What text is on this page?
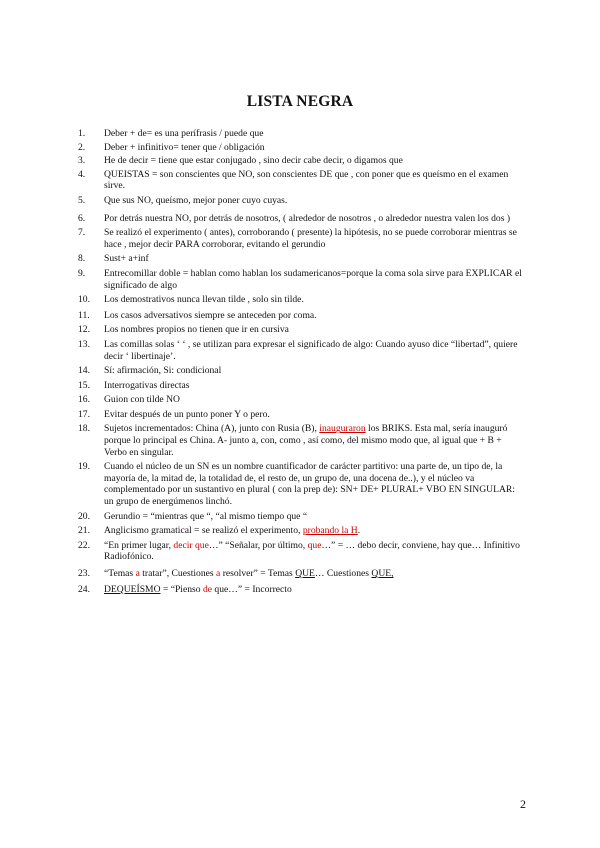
LISTA NEGRA
1.	Deber + de= es una perífrasis / puede que
2.	Deber + infinitivo= tener que / obligación
3.	He de decir = tiene que estar conjugado , sino decir cabe decir, o digamos que
4.	QUEISTAS = son conscientes que NO, son conscientes DE que , con poner que es queísmo en el examen sirve.
5.	Que sus NO, queísmo, mejor poner cuyo cuyas.
6.	Por detrás nuestra NO, por detrás de nosotros, ( alrededor de nosotros , o alrededor nuestra valen los dos )
7.	Se realizó el experimento ( antes), corroborando ( presente) la hipótesis, no se puede corroborar mientras se hace , mejor decir PARA corroborar, evitando el gerundio
8.	Sust+ a+inf
9.	Entrecomillar doble = hablan como hablan los sudamericanos=porque la coma sola sirve para EXPLICAR el significado de algo
10.	Los demostrativos nunca llevan tilde , solo sin tilde.
11.	Los casos adversativos siempre se anteceden por coma.
12.	Los nombres propios no tienen que ir en cursiva
13.	Las comillas solas ‘ ‘ , se utilizan para expresar el significado de algo: Cuando ayuso dice “libertad”, quiere decir ‘ libertinaje’.
14.	Sí: afirmación, Si: condicional
15.	Interrogativas directas
16.	Guion con tilde NO
17.	Evitar después de un punto poner Y o pero.
18.	Sujetos incrementados: China (A), junto con Rusia (B), inauguraron los BRIKS. Esta mal, sería inauguró porque lo principal es China. A- junto a, con, como , así como, del mismo modo que, al igual que + B + Verbo en singular.
19.	Cuando el núcleo de un SN es un nombre cuantificador de carácter partitivo: una parte de, un tipo de, la mayoría de, la mitad de, la totalidad de, el resto de, un grupo de, una docena de..), y el núcleo va complementado por un sustantivo en plural ( con la prep de): SN+ DE+ PLURAL+ VBO EN SINGULAR: un grupo de energúmenos linchó.
20.	Gerundio = “mientras que “, “al mismo tiempo que “
21.	Anglicismo gramatical = se realizó el experimento, probando la H.
22.	“En primer lugar, decir que…” “Señalar, por último, que…” = … debo decir, conviene, hay que… Infinitivo Radiofónico.
23.	“Temas a tratar”, Cuestiones a resolver” = Temas QUE… Cuestiones QUE,
24.	DEQUEÍSMO = “Pienso de que…” = Incorrecto
2
